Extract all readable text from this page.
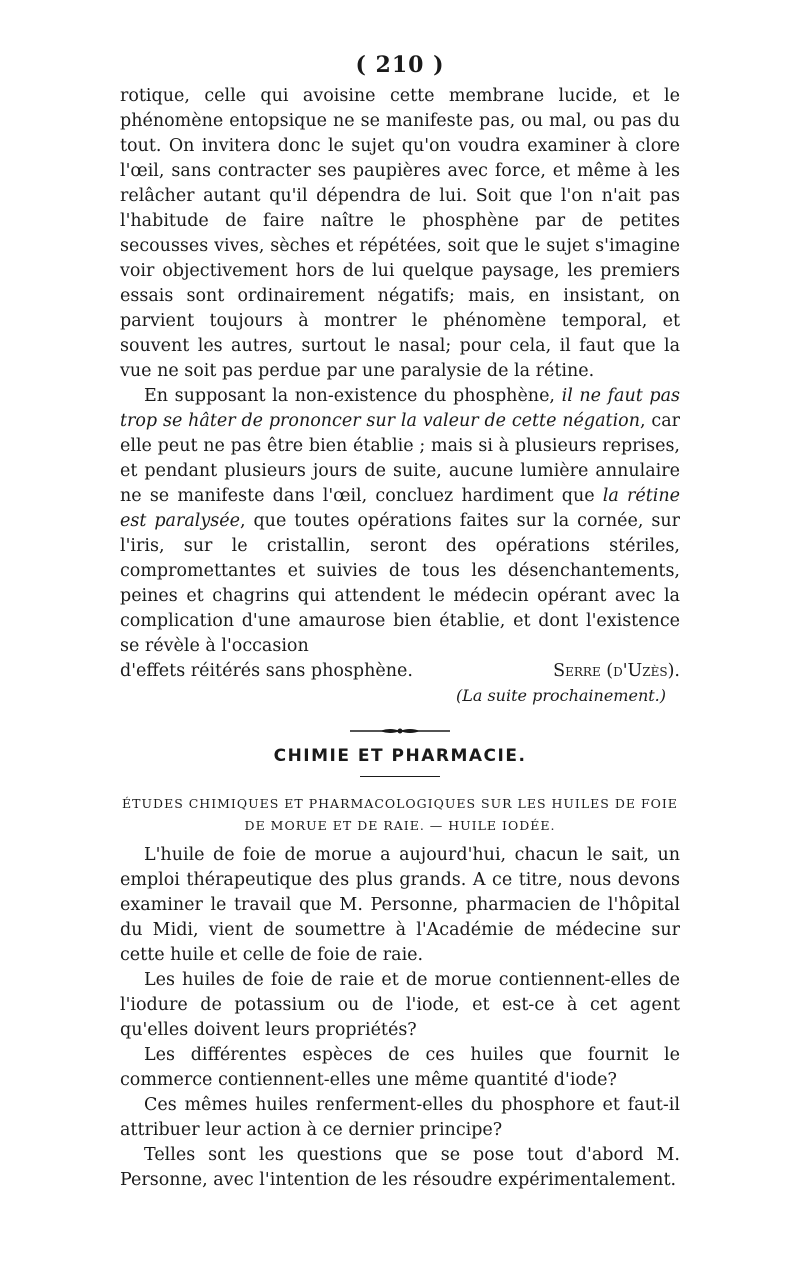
( 210 )

rotique, celle qui avoisine cette membrane lucide, et le phénomène entopsique ne se manifeste pas, ou mal, ou pas du tout. On invitera donc le sujet qu'on voudra examiner à clore l'œil, sans contracter ses paupières avec force, et même à les relâcher autant qu'il dépendra de lui. Soit que l'on n'ait pas l'habitude de faire naître le phosphène par de petites secousses vives, sèches et répétées, soit que le sujet s'imagine voir objectivement hors de lui quelque paysage, les premiers essais sont ordinairement négatifs; mais, en insistant, on parvient toujours à montrer le phénomène temporal, et souvent les autres, surtout le nasal; pour cela, il faut que la vue ne soit pas perdue par une paralysie de la rétine.

En supposant la non-existence du phosphène, il ne faut pas trop se hâter de prononcer sur la valeur de cette négation, car elle peut ne pas être bien établie ; mais si à plusieurs reprises, et pendant plusieurs jours de suite, aucune lumière annulaire ne se manifeste dans l'œil, concluez hardiment que la rétine est paralysée, que toutes opérations faites sur la cornée, sur l'iris, sur le cristallin, seront des opérations stériles, compromettantes et suivies de tous les désenchantements, peines et chagrins qui attendent le médecin opérant avec la complication d'une amaurose bien établie, et dont l'existence se révèle à l'occasion

d'effets réitérés sans phosphène.	Serre (d'Uzès).
(La suite prochainement.)
CHIMIE ET PHARMACIE.
ÉTUDES CHIMIQUES ET PHARMACOLOGIQUES SUR LES HUILES DE FOIE
DE MORUE ET DE RAIE. — HUILE IODÉE.

L'huile de foie de morue a aujourd'hui, chacun le sait, un emploi thérapeutique des plus grands. A ce titre, nous devons examiner le travail que M. Personne, pharmacien de l'hôpital du Midi, vient de soumettre à l'Académie de médecine sur cette huile et celle de foie de raie.

Les huiles de foie de raie et de morue contiennent-elles de l'iodure de potassium ou de l'iode, et est-ce à cet agent qu'elles doivent leurs propriétés?

Les différentes espèces de ces huiles que fournit le commerce contiennent-elles une même quantité d'iode?

Ces mêmes huiles renferment-elles du phosphore et faut-il attribuer leur action à ce dernier principe?

Telles sont les questions que se pose tout d'abord M. Personne, avec l'intention de les résoudre expérimentalement.
